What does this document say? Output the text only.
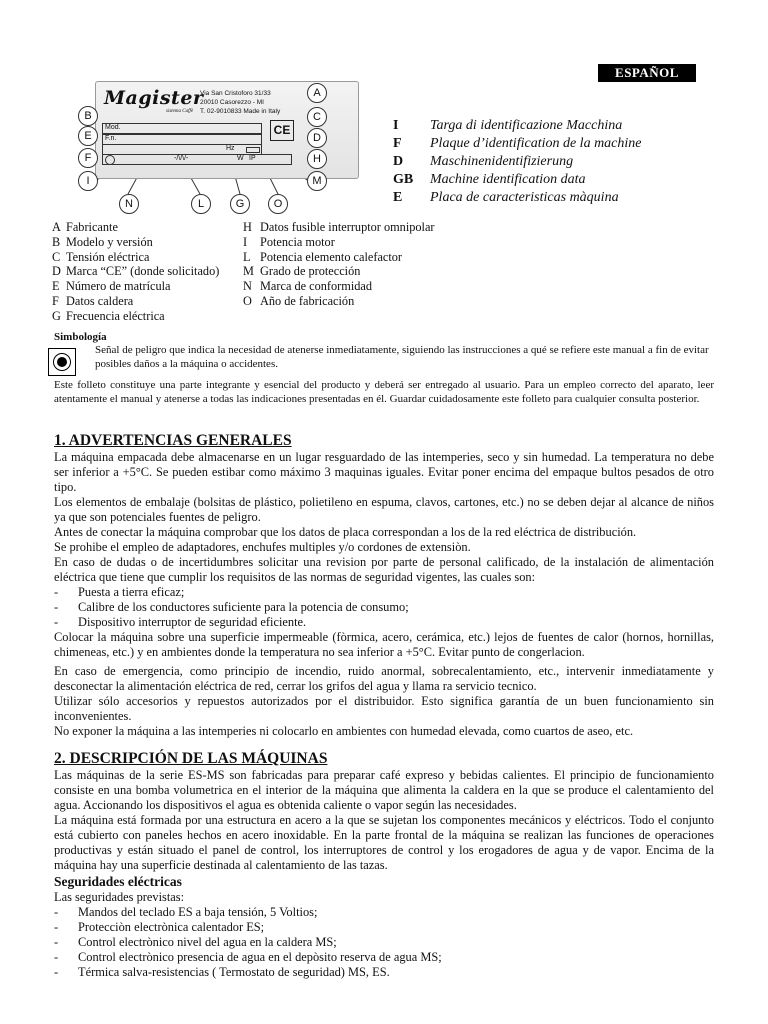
ESPAÑOL
Magister
sistema Caffè
Via San Cristoforo 31/33
20010 Casorezzo - MI
T. 02-9010833 Made in Italy
Mod.
F.n.
CE
Hz
-/\/\/-	W IP
A
B	C
E	D
F	H
I	M
N	L	G	O
I	Targa di identificazione Macchina
F	Plaque d’identification de la machine
D	Maschinenidentifizierung
GB	Machine identification data
E	Placa de caracteristicas màquina
A Fabricante
B Modelo y versión
C Tensión eléctrica
D Marca “CE” (donde solicitado)
E Número de matrícula
F Datos caldera
G Frecuencia eléctrica
H Datos fusible interruptor omnipolar
I	Potencia motor
L Potencia elemento calefactor
M Grado de protección
N Marca de conformidad
O Año de fabricación
Simbología
Señal de peligro que indica la necesidad de atenerse inmediatamente, siguiendo las instrucciones a qué se refiere este manual a fin de evitar posibles daños a la máquina o accidentes.
Este folleto constituye una parte integrante y esencial del producto y deberá ser entregado al usuario. Para un empleo correcto del aparato, leer atentamente el manual y atenerse a todas las indicaciones presentadas en él. Guardar cuidadosamente este folleto para cualquier consulta posterior.
1. ADVERTENCIAS GENERALES

La máquina empacada debe almacenarse en un lugar resguardado de las intemperies, seco y sin humedad. La temperatura no debe ser inferior a +5°C. Se pueden estibar como máximo 3 maquinas iguales. Evitar poner encima del empaque bultos pesados de otro tipo.

Los elementos de embalaje (bolsitas de plástico, polietileno en espuma, clavos, cartones, etc.) no se deben dejar al alcance de niños ya que son potenciales fuentes de peligro.

Antes de conectar la máquina comprobar que los datos de placa correspondan a los de la red eléctrica de distribución.

Se prohibe el empleo de adaptadores, enchufes multiples y/o cordones de extensiòn.

En caso de dudas o de incertidumbres solicitar una revision por parte de personal calificado, de la instalación de alimentación eléctrica que tiene que cumplir los requisitos de las normas de seguridad vigentes, las cuales son:

-	Puesta a tierra eficaz;
-	Calibre de los conductores suficiente para la potencia de consumo;
-	Dispositivo interruptor de seguridad eficiente.

Colocar la máquina sobre una superficie impermeable (fòrmica, acero, cerámica, etc.) lejos de fuentes de calor (hornos, hornillas, chimeneas, etc.) y en ambientes donde la temperatura no sea inferior a +5°C. Evitar punto de congerlacion.

En caso de emergencia, como principio de incendio, ruido anormal, sobrecalentamiento, etc., intervenir inmediatamente y desconectar la alimentación eléctrica de red, cerrar los grifos del agua y llama ra servicio tecnico.

Utilizar sólo accesorios y repuestos autorizados por el distribuidor. Esto significa garantía de un buen funcionamiento sin inconvenientes.

No exponer la máquina a las intemperies ni colocarlo en ambientes con humedad elevada, como cuartos de aseo, etc.

2. DESCRIPCIÓN DE LAS MÁQUINAS

Las máquinas de la serie ES-MS son fabricadas para preparar café expreso y bebidas calientes. El principio de funcionamiento consiste en una bomba volumetrica en el interior de la máquina que alimenta la caldera en la que se produce el calentamiento del agua. Accionando los dispositivos el agua es obtenida caliente o vapor según las necesidades.

La máquina está formada por una estructura en acero a la que se sujetan los componentes mecánicos y eléctricos. Todo el conjunto está cubierto con paneles hechos en acero inoxidable. En la parte frontal de la máquina se realizan las funciones de operaciones productivas y están situado el panel de control, los interruptores de control y los erogadores de agua y de vapor. Encima de la máquina hay una superficie destinada al calentamiento de las tazas.

Seguridades eléctricas

Las seguridades previstas:

-	Mandos del teclado ES a baja tensión, 5 Voltios;
-	Protecciòn electrònica calentador ES;
-	Control electrònico nivel del agua en la caldera MS;
-	Control electrònico presencia de agua en el depòsito reserva de agua MS;
-	Térmica salva-resistencias ( Termostato de seguridad) MS, ES.
